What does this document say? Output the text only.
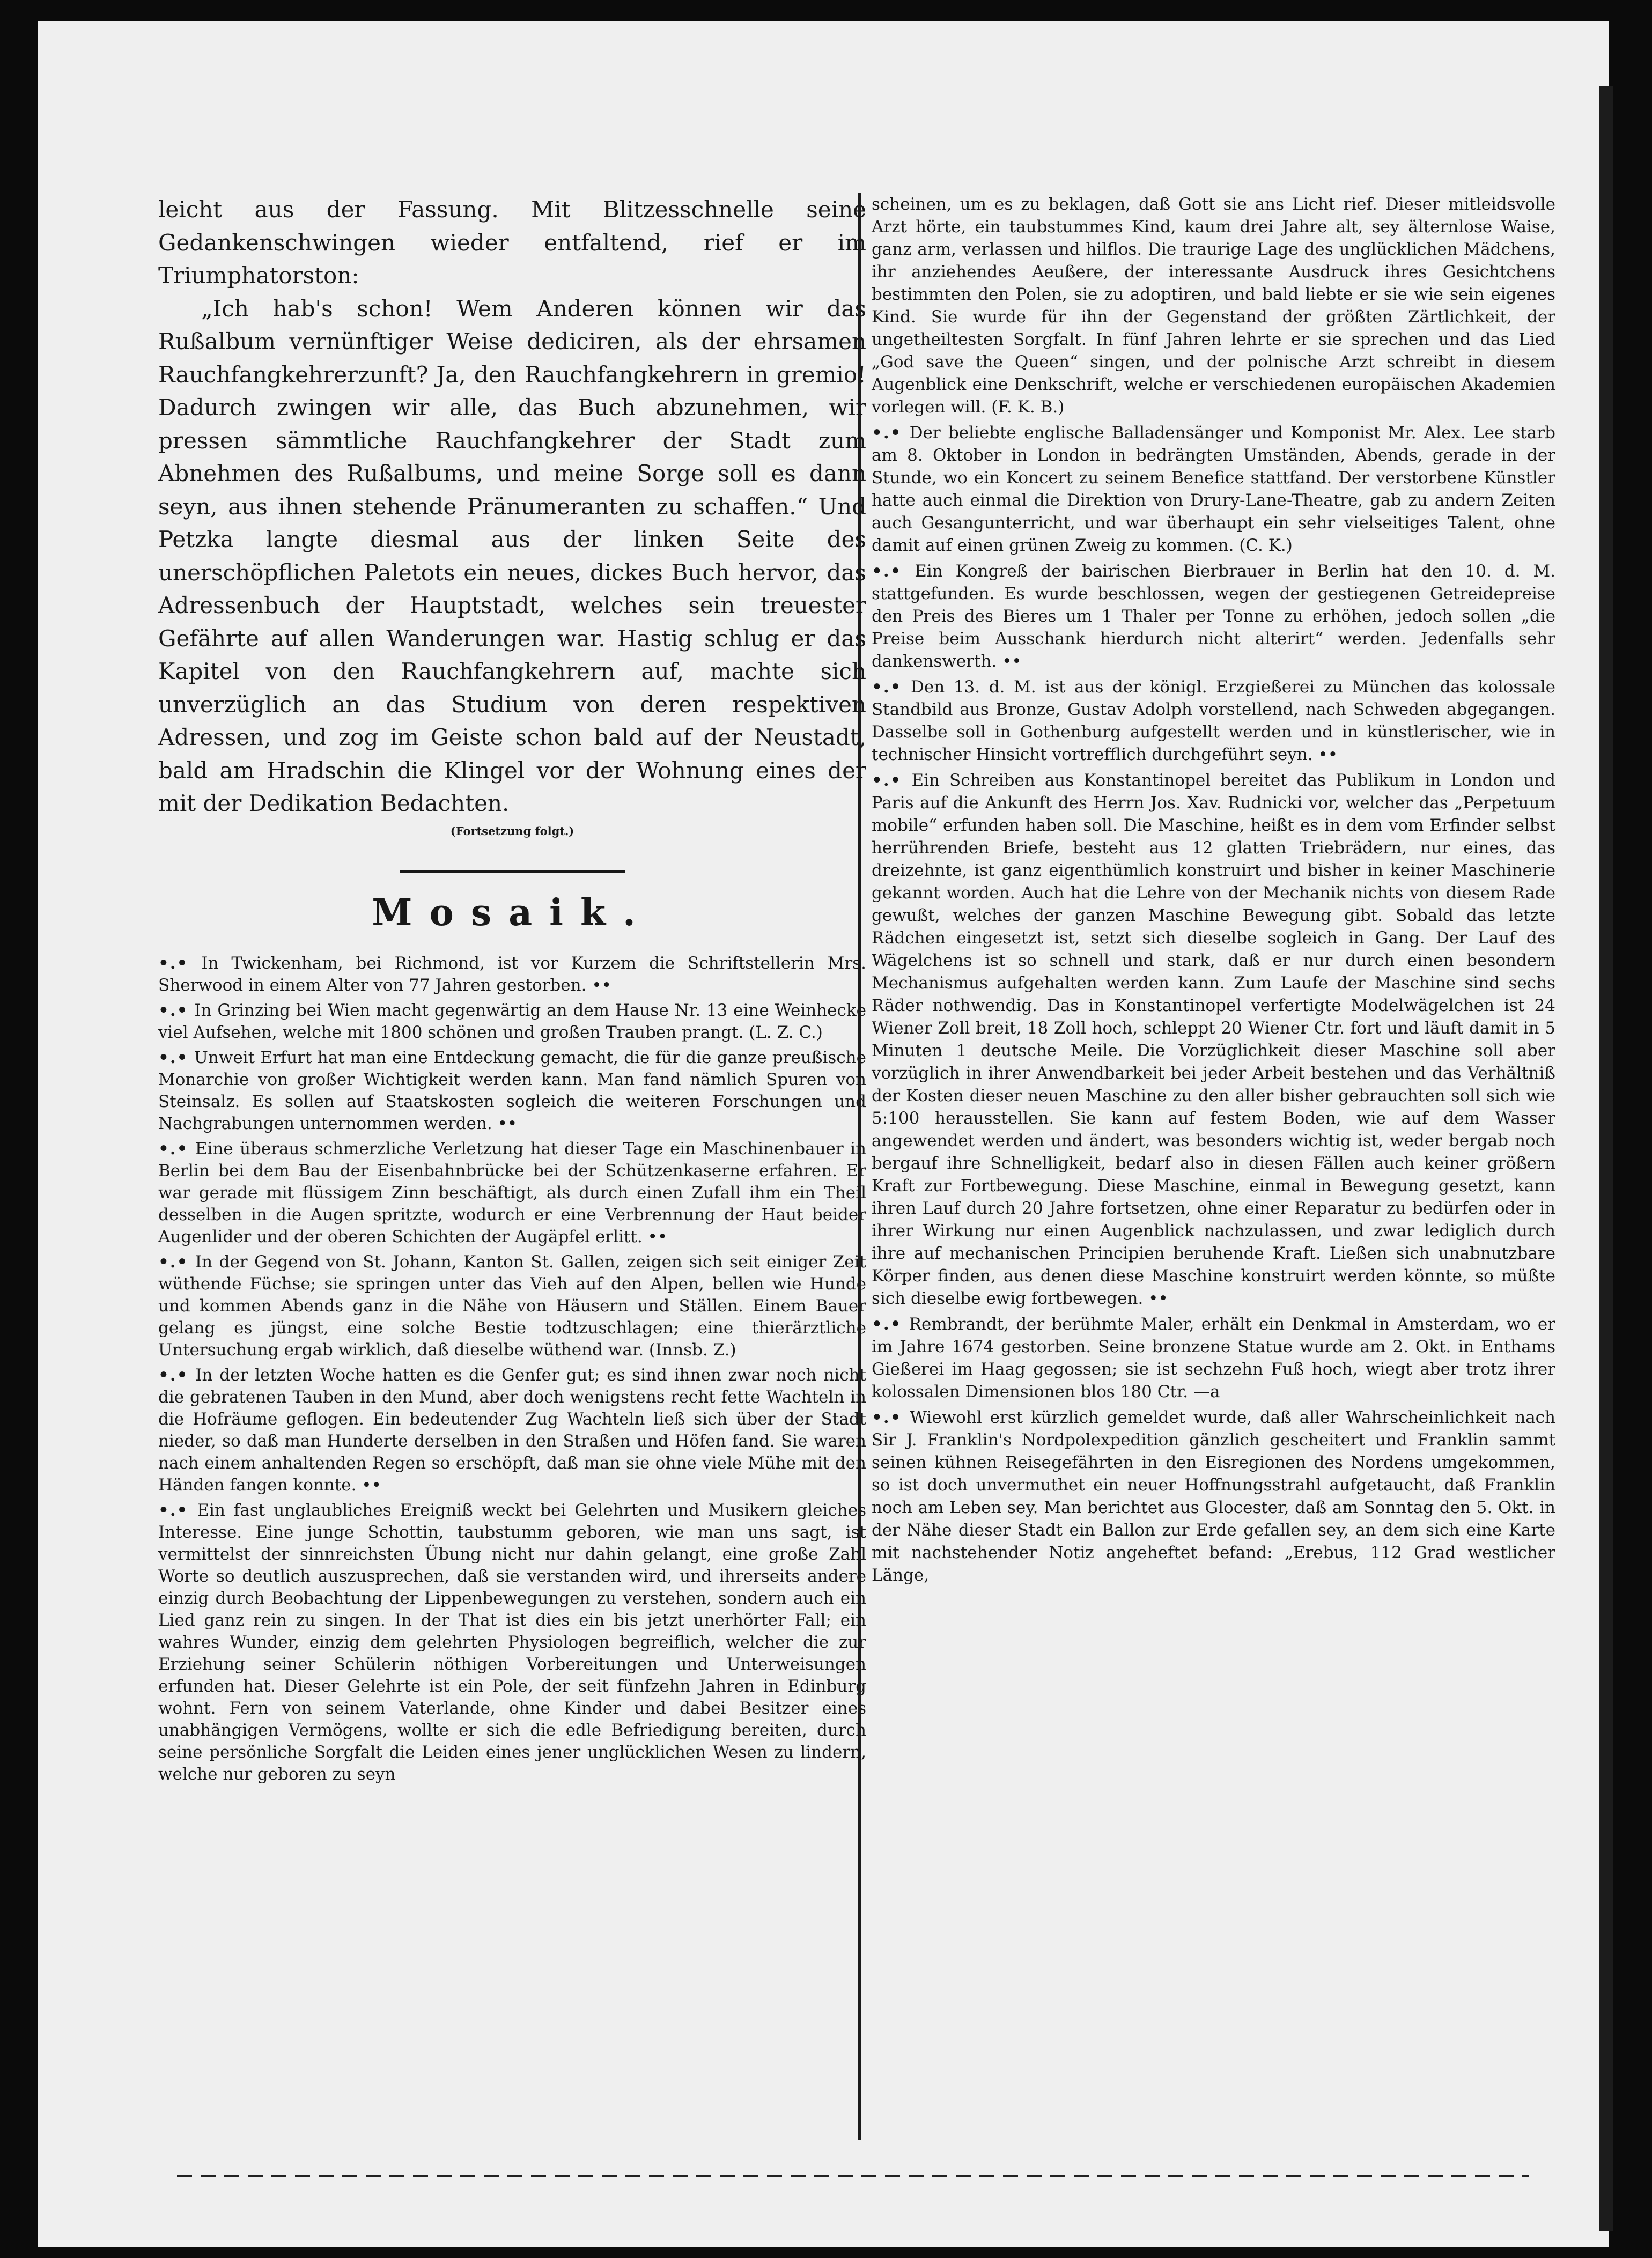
leicht aus der Fassung. Mit Blitzesschnelle seine Gedankenschwingen wieder entfaltend, rief er im Triumphatorston:

„Ich hab's schon! Wem Anderen können wir das Rußalbum vernünftiger Weise dediciren, als der ehrsamen Rauchfangkehrerzunft? Ja, den Rauchfangkehrern in gremio! Dadurch zwingen wir alle, das Buch abzunehmen, wir pressen sämmtliche Rauchfangkehrer der Stadt zum Abnehmen des Rußalbums, und meine Sorge soll es dann seyn, aus ihnen stehende Pränumeranten zu schaffen.“ Und Petzka langte diesmal aus der linken Seite des unerschöpflichen Paletots ein neues, dickes Buch hervor, das Adressenbuch der Hauptstadt, welches sein treuester Gefährte auf allen Wanderungen war. Hastig schlug er das Kapitel von den Rauchfangkehrern auf, machte sich unverzüglich an das Studium von deren respektiven Adressen, und zog im Geiste schon bald auf der Neustadt, bald am Hradschin die Klingel vor der Wohnung eines der mit der Dedikation Bedachten.

(Fortsetzung folgt.)
Mosaik.

•.• In Twickenham, bei Richmond, ist vor Kurzem die Schriftstellerin Mrs. Sherwood in einem Alter von 77 Jahren gestorben. ••

•.• In Grinzing bei Wien macht gegenwärtig an dem Hause Nr. 13 eine Weinhecke viel Aufsehen, welche mit 1800 schönen und großen Trauben prangt. (L. Z. C.)

•.• Unweit Erfurt hat man eine Entdeckung gemacht, die für die ganze preußische Monarchie von großer Wichtigkeit werden kann. Man fand nämlich Spuren von Steinsalz. Es sollen auf Staatskosten sogleich die weiteren Forschungen und Nachgrabungen unternommen werden. ••

•.• Eine überaus schmerzliche Verletzung hat dieser Tage ein Maschinenbauer in Berlin bei dem Bau der Eisenbahnbrücke bei der Schützenkaserne erfahren. Er war gerade mit flüssigem Zinn beschäftigt, als durch einen Zufall ihm ein Theil desselben in die Augen spritzte, wodurch er eine Verbrennung der Haut beider Augenlider und der oberen Schichten der Augäpfel erlitt. ••

•.• In der Gegend von St. Johann, Kanton St. Gallen, zeigen sich seit einiger Zeit wüthende Füchse; sie springen unter das Vieh auf den Alpen, bellen wie Hunde und kommen Abends ganz in die Nähe von Häusern und Ställen. Einem Bauer gelang es jüngst, eine solche Bestie todtzuschlagen; eine thierärztliche Untersuchung ergab wirklich, daß dieselbe wüthend war. (Innsb. Z.)

•.• In der letzten Woche hatten es die Genfer gut; es sind ihnen zwar noch nicht die gebratenen Tauben in den Mund, aber doch wenigstens recht fette Wachteln in die Hofräume geflogen. Ein bedeutender Zug Wachteln ließ sich über der Stadt nieder, so daß man Hunderte derselben in den Straßen und Höfen fand. Sie waren nach einem anhaltenden Regen so erschöpft, daß man sie ohne viele Mühe mit den Händen fangen konnte. ••

•.• Ein fast unglaubliches Ereigniß weckt bei Gelehrten und Musikern gleiches Interesse. Eine junge Schottin, taubstumm geboren, wie man uns sagt, ist vermittelst der sinnreichsten Übung nicht nur dahin gelangt, eine große Zahl Worte so deutlich auszusprechen, daß sie verstanden wird, und ihrerseits andere einzig durch Beobachtung der Lippenbewegungen zu verstehen, sondern auch ein Lied ganz rein zu singen. In der That ist dies ein bis jetzt unerhörter Fall; ein wahres Wunder, einzig dem gelehrten Physiologen begreiflich, welcher die zur Erziehung seiner Schülerin nöthigen Vorbereitungen und Unterweisungen erfunden hat. Dieser Gelehrte ist ein Pole, der seit fünfzehn Jahren in Edinburg wohnt. Fern von seinem Vaterlande, ohne Kinder und dabei Besitzer eines unabhängigen Vermögens, wollte er sich die edle Befriedigung bereiten, durch seine persönliche Sorgfalt die Leiden eines jener unglücklichen Wesen zu lindern, welche nur geboren zu seyn

scheinen, um es zu beklagen, daß Gott sie ans Licht rief. Dieser mitleidsvolle Arzt hörte, ein taubstummes Kind, kaum drei Jahre alt, sey älternlose Waise, ganz arm, verlassen und hilflos. Die traurige Lage des unglücklichen Mädchens, ihr anziehendes Aeußere, der interessante Ausdruck ihres Gesichtchens bestimmten den Polen, sie zu adoptiren, und bald liebte er sie wie sein eigenes Kind. Sie wurde für ihn der Gegenstand der größten Zärtlichkeit, der ungetheiltesten Sorgfalt. In fünf Jahren lehrte er sie sprechen und das Lied „God save the Queen“ singen, und der polnische Arzt schreibt in diesem Augenblick eine Denkschrift, welche er verschiedenen europäischen Akademien vorlegen will. (F. K. B.)

•.• Der beliebte englische Balladensänger und Komponist Mr. Alex. Lee starb am 8. Oktober in London in bedrängten Umständen, Abends, gerade in der Stunde, wo ein Koncert zu seinem Benefice stattfand. Der verstorbene Künstler hatte auch einmal die Direktion von Drury-Lane-Theatre, gab zu andern Zeiten auch Gesangunterricht, und war überhaupt ein sehr vielseitiges Talent, ohne damit auf einen grünen Zweig zu kommen. (C. K.)

•.• Ein Kongreß der bairischen Bierbrauer in Berlin hat den 10. d. M. stattgefunden. Es wurde beschlossen, wegen der gestiegenen Getreidepreise den Preis des Bieres um 1 Thaler per Tonne zu erhöhen, jedoch sollen „die Preise beim Ausschank hierdurch nicht alterirt“ werden. Jedenfalls sehr dankenswerth. ••

•.• Den 13. d. M. ist aus der königl. Erzgießerei zu München das kolossale Standbild aus Bronze, Gustav Adolph vorstellend, nach Schweden abgegangen. Dasselbe soll in Gothenburg aufgestellt werden und in künstlerischer, wie in technischer Hinsicht vortrefflich durchgeführt seyn. ••

•.• Ein Schreiben aus Konstantinopel bereitet das Publikum in London und Paris auf die Ankunft des Herrn Jos. Xav. Rudnicki vor, welcher das „Perpetuum mobile“ erfunden haben soll. Die Maschine, heißt es in dem vom Erfinder selbst herrührenden Briefe, besteht aus 12 glatten Triebrädern, nur eines, das dreizehnte, ist ganz eigenthümlich konstruirt und bisher in keiner Maschinerie gekannt worden. Auch hat die Lehre von der Mechanik nichts von diesem Rade gewußt, welches der ganzen Maschine Bewegung gibt. Sobald das letzte Rädchen eingesetzt ist, setzt sich dieselbe sogleich in Gang. Der Lauf des Wägelchens ist so schnell und stark, daß er nur durch einen besondern Mechanismus aufgehalten werden kann. Zum Laufe der Maschine sind sechs Räder nothwendig. Das in Konstantinopel verfertigte Modelwägelchen ist 24 Wiener Zoll breit, 18 Zoll hoch, schleppt 20 Wiener Ctr. fort und läuft damit in 5 Minuten 1 deutsche Meile. Die Vorzüglichkeit dieser Maschine soll aber vorzüglich in ihrer Anwendbarkeit bei jeder Arbeit bestehen und das Verhältniß der Kosten dieser neuen Maschine zu den aller bisher gebrauchten soll sich wie 5:100 herausstellen. Sie kann auf festem Boden, wie auf dem Wasser angewendet werden und ändert, was besonders wichtig ist, weder bergab noch bergauf ihre Schnelligkeit, bedarf also in diesen Fällen auch keiner größern Kraft zur Fortbewegung. Diese Maschine, einmal in Bewegung gesetzt, kann ihren Lauf durch 20 Jahre fortsetzen, ohne einer Reparatur zu bedürfen oder in ihrer Wirkung nur einen Augenblick nachzulassen, und zwar lediglich durch ihre auf mechanischen Principien beruhende Kraft. Ließen sich unabnutzbare Körper finden, aus denen diese Maschine konstruirt werden könnte, so müßte sich dieselbe ewig fortbewegen. ••

•.• Rembrandt, der berühmte Maler, erhält ein Denkmal in Amsterdam, wo er im Jahre 1674 gestorben. Seine bronzene Statue wurde am 2. Okt. in Enthams Gießerei im Haag gegossen; sie ist sechzehn Fuß hoch, wiegt aber trotz ihrer kolossalen Dimensionen blos 180 Ctr. —a

•.• Wiewohl erst kürzlich gemeldet wurde, daß aller Wahrscheinlichkeit nach Sir J. Franklin's Nordpolexpedition gänzlich gescheitert und Franklin sammt seinen kühnen Reisegefährten in den Eisregionen des Nordens umgekommen, so ist doch unvermuthet ein neuer Hoffnungsstrahl aufgetaucht, daß Franklin noch am Leben sey. Man berichtet aus Glocester, daß am Sonntag den 5. Okt. in der Nähe dieser Stadt ein Ballon zur Erde gefallen sey, an dem sich eine Karte mit nachstehender Notiz angeheftet befand: „Erebus, 112 Grad westlicher Länge,
